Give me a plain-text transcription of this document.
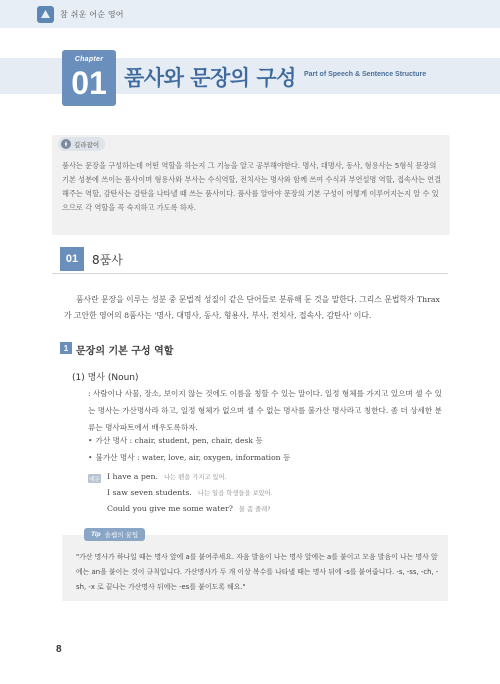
참 쉬운 어순 영어
Chapter
01 품사와 문장의 구성 Part of Speech & Sentence Structure
길라잡이
품사는 문장을 구성하는데 어떤 역할을 하는지 그 기능을 알고 공부해야한다. 명사, 대명사, 동사, 형용사는 5형식 문장의 기본 성분에 쓰이는 품사이며 형용사와 부사는 수식역할, 전치사는 명사와 함께 쓰여 수식과 부연설명 역할, 접속사는 연결해주는 역할, 감탄사는 감탄을 나타낼 때 쓰는 품사이다. 품사를 알아야 문장의 기본 구성이 어떻게 이루어지는지 알 수 있으므로 각 역할을 꼭 숙지하고 가도록 하자.
01	8품사
품사란 문장을 이루는 성분 중 문법적 성질이 같은 단어들로 분류해 둔 것을 말한다. 그리스 문법학자 Thrax가 고안한 영어의 8품사는 '명사, 대명사, 동사, 형용사, 부사, 전치사, 접속사, 감탄사' 이다.
1 문장의 기본 구성 역할
(1) 명사 (Noun)
: 사람이나 사물, 장소, 보이지 않는 것에도 이름을 칭할 수 있는 말이다. 일정 형체를 가지고 있으며 셀 수 있는 명사는 가산명사라 하고, 일정 형체가 없으며 셀 수 없는 명사를 불가산 명사라고 칭한다. 좀 더 상세한 분류는 명사파트에서 배우도록하자.
• 가산 명사 : chair, student, pen, chair, desk 등
• 불가산 명사 : water, love, air, oxygen, information 등
예문 I have a pen. 나는 펜을 가지고 있어.
I saw seven students. 나는 일곱 학생들을 보았어.
Could you give me some water? 물 좀 줄래?
Tip 솔쌤의 꿀팁
"가산 명사가 하나일 때는 명사 앞에 a를 붙여주세요. 자음 발음이 나는 명사 앞에는 a를 붙이고 모음 발음이 나는 명사 앞에는 an을 붙이는 것이 규칙입니다. 가산명사가 두 개 이상 복수를 나타낼 때는 명사 뒤에 -s를 붙여줍니다. -s, -ss, -ch, -sh, -x 로 끝나는 가산명사 뒤에는 -es를 붙이도록 해요."
8
